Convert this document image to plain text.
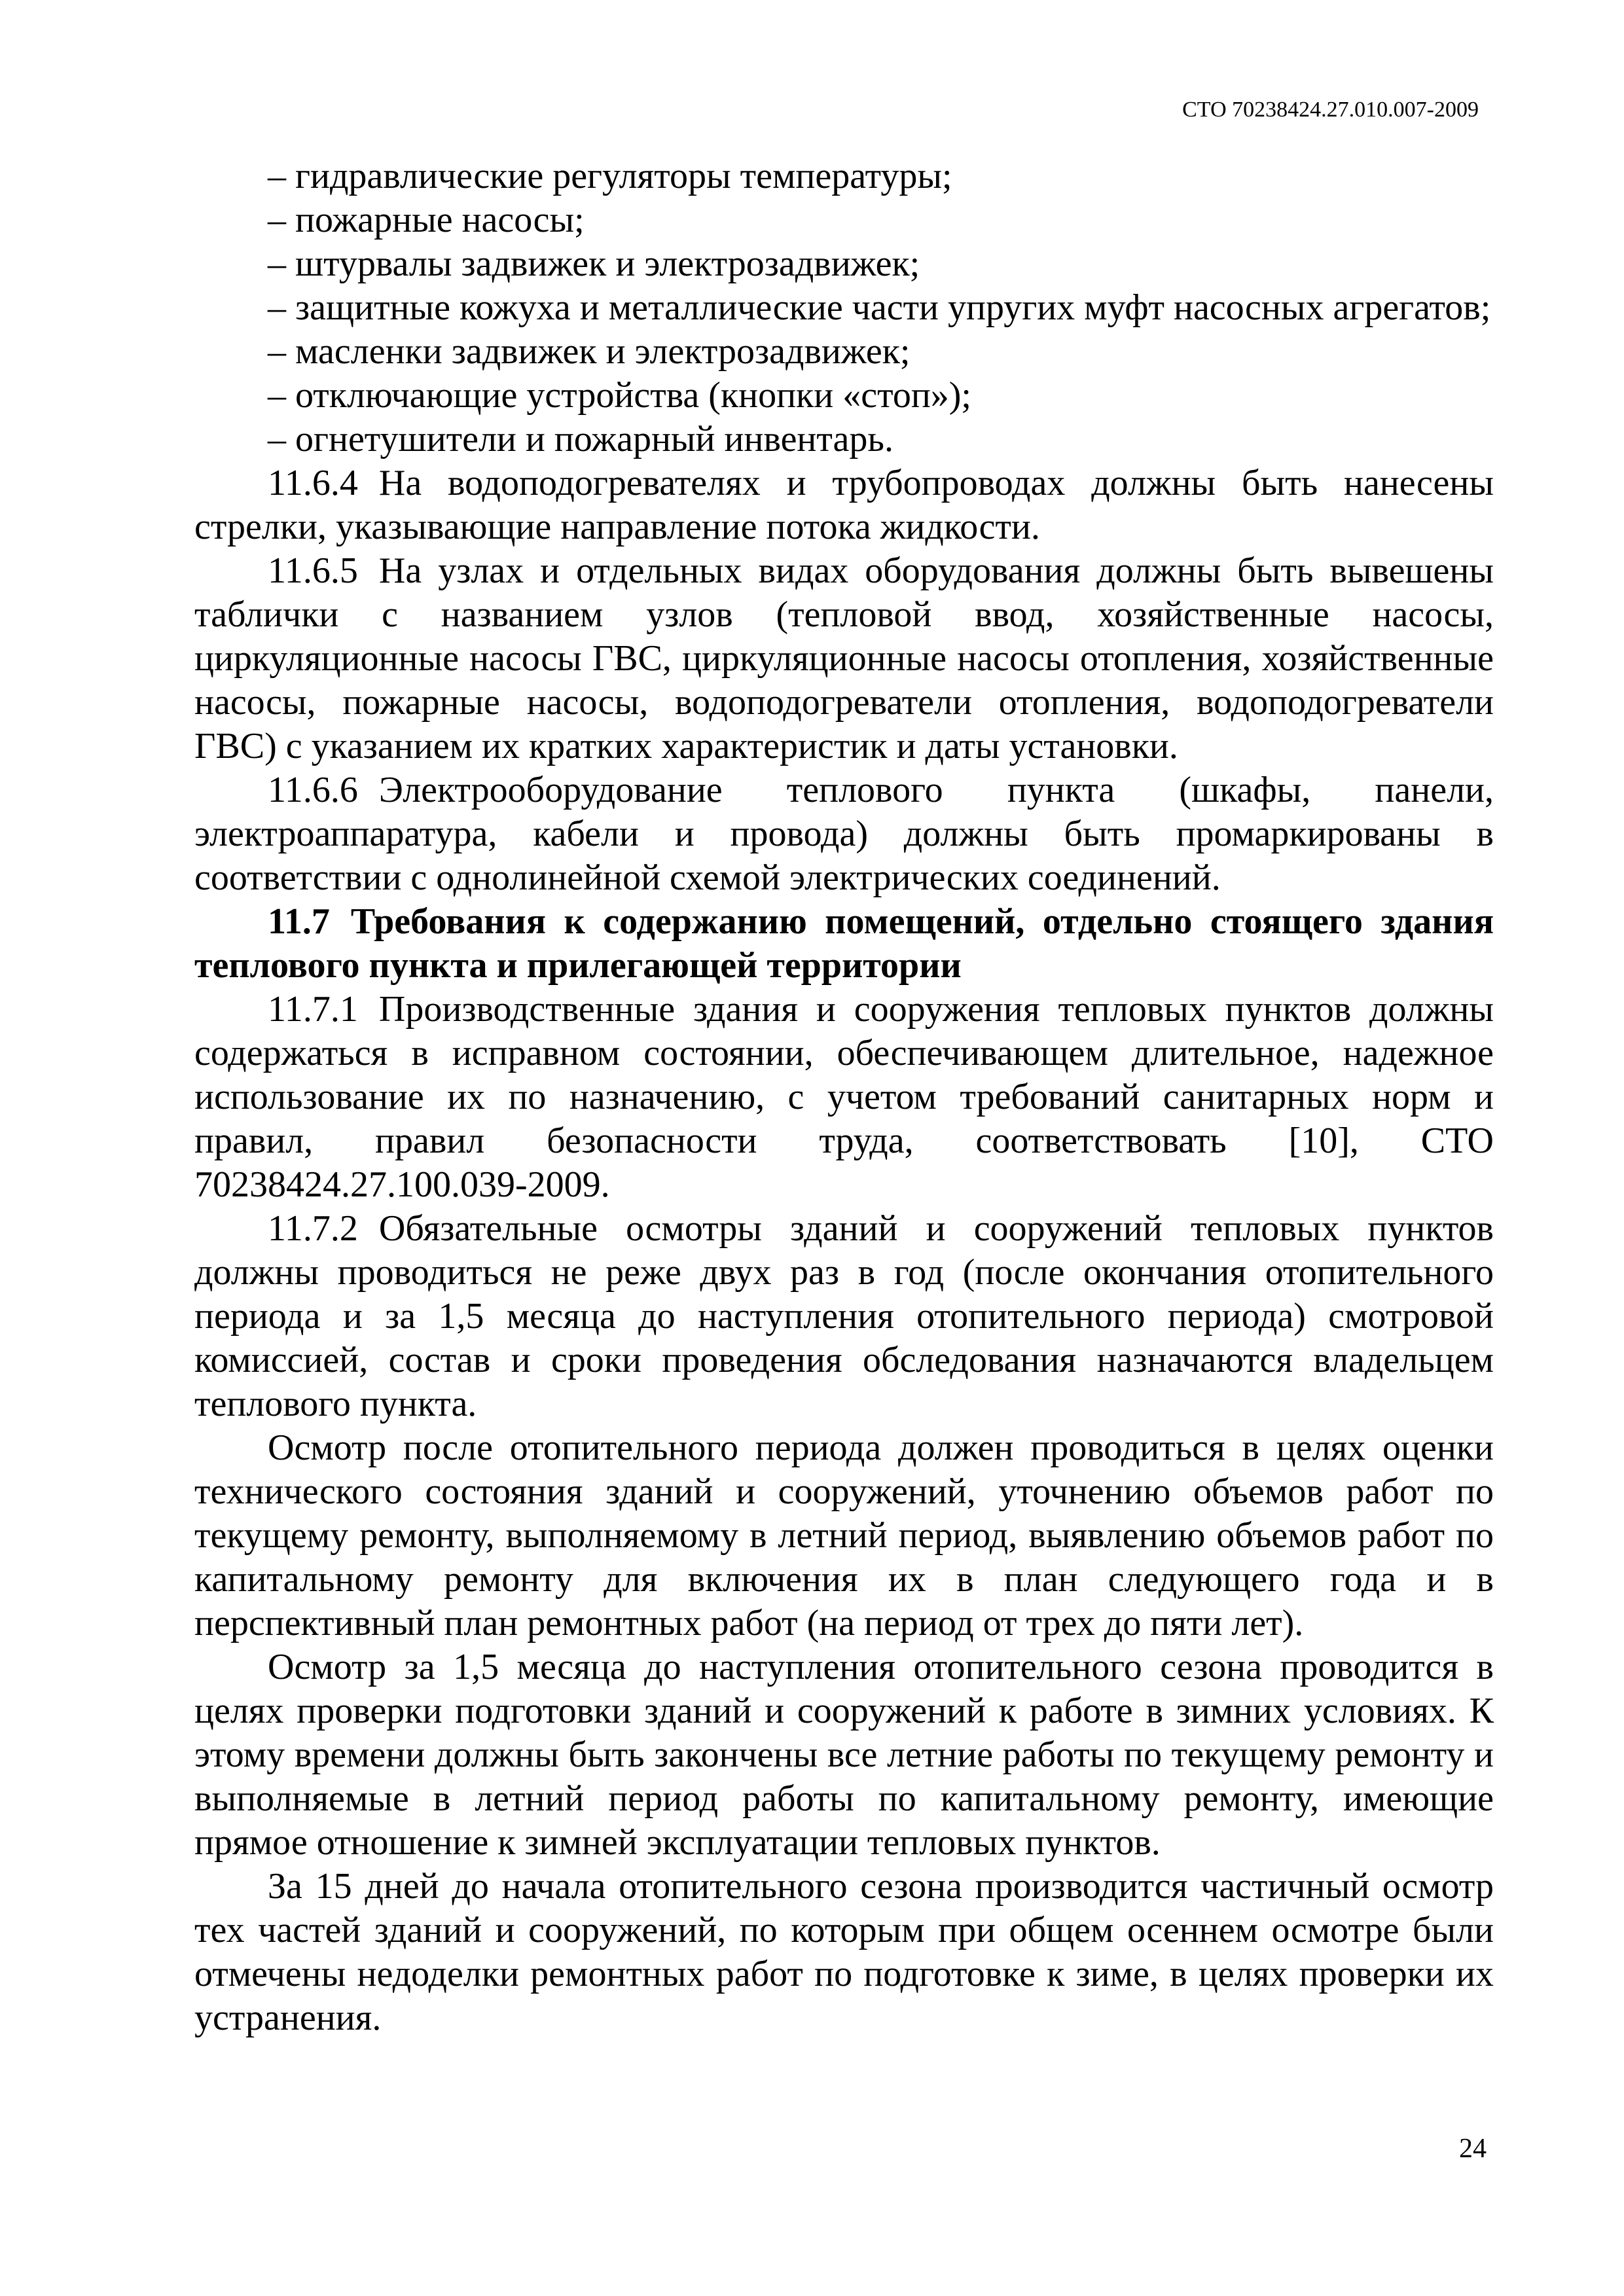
СТО 70238424.27.010.007-2009

– гидравлические регуляторы температуры;

– пожарные насосы;

– штурвалы задвижек и электрозадвижек;

– защитные кожуха и металлические части упругих муфт насосных агрегатов;

– масленки задвижек и электрозадвижек;

– отключающие устройства (кнопки «стоп»);

– огнетушители и пожарный инвентарь.

11.6.4 На водоподогревателях и трубопроводах должны быть нанесены стрелки, указывающие направление потока жидкости.

11.6.5 На узлах и отдельных видах оборудования должны быть вывешены таблички с названием узлов (тепловой ввод, хозяйственные насосы, циркуляционные насосы ГВС, циркуляционные насосы отопления, хозяйственные насосы, пожарные насосы, водоподогреватели отопления, водоподогреватели ГВС) с указанием их кратких характеристик и даты установки.

11.6.6 Электрооборудование теплового пункта (шкафы, панели, электроаппаратура, кабели и провода) должны быть промаркированы в соответствии с однолинейной схемой электрических соединений.

11.7 Требования к содержанию помещений, отдельно стоящего здания теплового пункта и прилегающей территории

11.7.1 Производственные здания и сооружения тепловых пунктов должны содержаться в исправном состоянии, обеспечивающем длительное, надежное использование их по назначению, с учетом требований санитарных норм и правил, правил безопасности труда, соответствовать [10], СТО 70238424.27.100.039-2009.

11.7.2 Обязательные осмотры зданий и сооружений тепловых пунктов должны проводиться не реже двух раз в год (после окончания отопительного периода и за 1,5 месяца до наступления отопительного периода) смотровой комиссией, состав и сроки проведения обследования назначаются владельцем теплового пункта.

Осмотр после отопительного периода должен проводиться в целях оценки технического состояния зданий и сооружений, уточнению объемов работ по текущему ремонту, выполняемому в летний период, выявлению объемов работ по капитальному ремонту для включения их в план следующего года и в перспективный план ремонтных работ (на период от трех до пяти лет).

Осмотр за 1,5 месяца до наступления отопительного сезона проводится в целях проверки подготовки зданий и сооружений к работе в зимних условиях. К этому времени должны быть закончены все летние работы по текущему ремонту и выполняемые в летний период работы по капитальному ремонту, имеющие прямое отношение к зимней эксплуатации тепловых пунктов.

За 15 дней до начала отопительного сезона производится частичный осмотр тех частей зданий и сооружений, по которым при общем осеннем осмотре были отмечены недоделки ремонтных работ по подготовке к зиме, в целях проверки их устранения.

24
